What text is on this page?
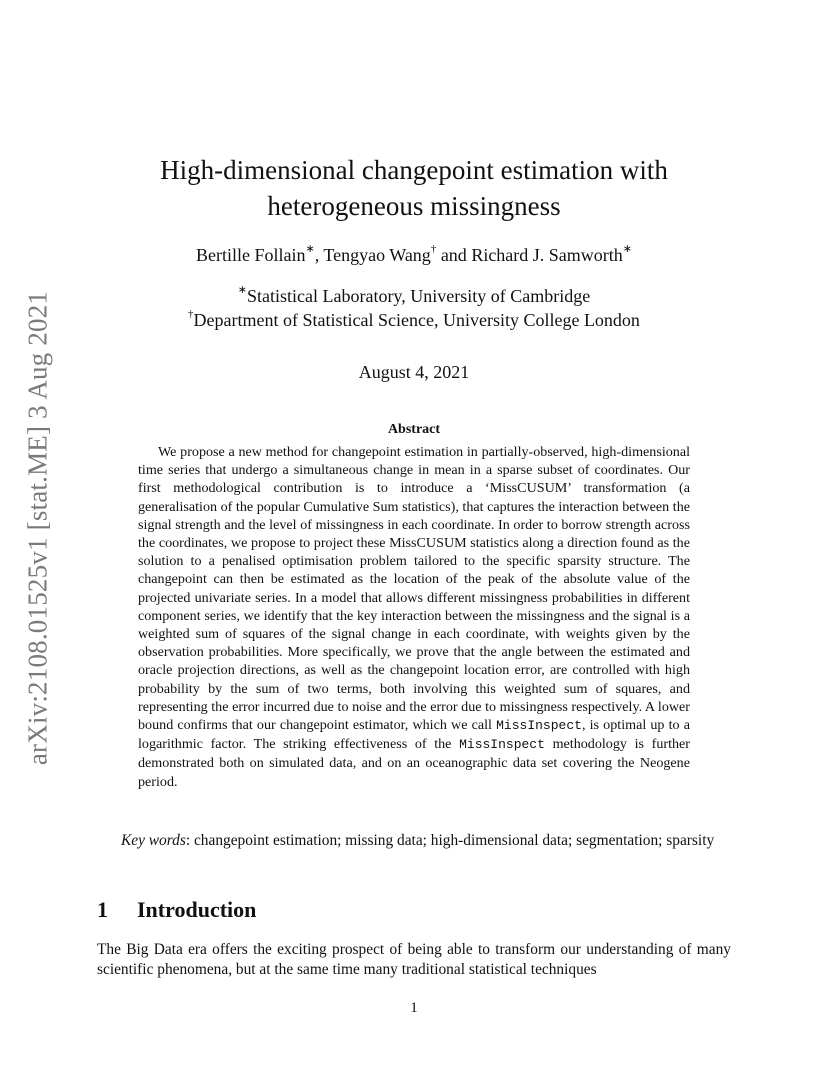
arXiv:2108.01525v1 [stat.ME] 3 Aug 2021
High-dimensional changepoint estimation with
heterogeneous missingness
Bertille Follain∗, Tengyao Wang† and Richard J. Samworth∗
∗Statistical Laboratory, University of Cambridge
†Department of Statistical Science, University College London
August 4, 2021
Abstract
We propose a new method for changepoint estimation in partially-observed, high-dimensional time series that undergo a simultaneous change in mean in a sparse subset of coordinates. Our first methodological contribution is to introduce a ‘MissCUSUM’ transformation (a generalisation of the popular Cumulative Sum statistics), that captures the interaction between the signal strength and the level of missingness in each coordinate. In order to borrow strength across the coordinates, we propose to project these MissCUSUM statistics along a direction found as the solution to a penalised optimisation problem tailored to the specific sparsity structure. The changepoint can then be estimated as the location of the peak of the absolute value of the projected univariate series. In a model that allows different missingness probabilities in different component series, we identify that the key interaction between the missingness and the signal is a weighted sum of squares of the signal change in each coordinate, with weights given by the observation probabilities. More specifically, we prove that the angle between the estimated and oracle projection directions, as well as the changepoint location error, are controlled with high probability by the sum of two terms, both involving this weighted sum of squares, and representing the error incurred due to noise and the error due to missingness respectively. A lower bound confirms that our changepoint estimator, which we call MissInspect, is optimal up to a logarithmic factor. The striking effectiveness of the MissInspect methodology is further demonstrated both on simulated data, and on an oceanographic data set covering the Neogene period.
Key words: changepoint estimation; missing data; high-dimensional data; segmentation; sparsity
1 Introduction
The Big Data era offers the exciting prospect of being able to transform our understanding of many scientific phenomena, but at the same time many traditional statistical techniques
1
